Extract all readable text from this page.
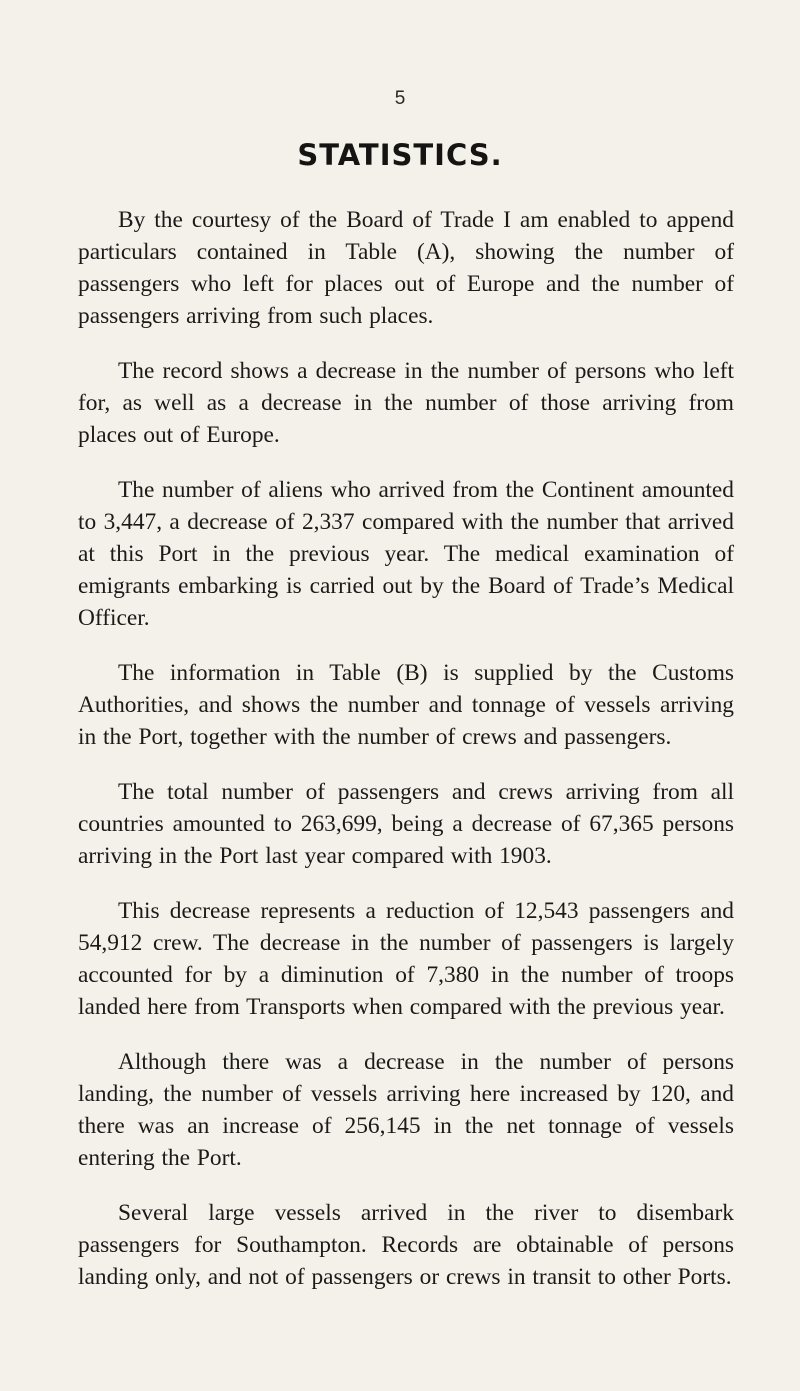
5
STATISTICS.

By the courtesy of the Board of Trade I am enabled to append particulars contained in Table (A), showing the number of passengers who left for places out of Europe and the number of passengers arriving from such places.

The record shows a decrease in the number of persons who left for, as well as a decrease in the number of those arriving from places out of Europe.

The number of aliens who arrived from the Continent amounted to 3,447, a decrease of 2,337 compared with the number that arrived at this Port in the previous year. The medical examination of emigrants embarking is carried out by the Board of Trade’s Medical Officer.

The information in Table (B) is supplied by the Customs Authorities, and shows the number and tonnage of vessels arriving in the Port, together with the number of crews and passengers.

The total number of passengers and crews arriving from all countries amounted to 263,699, being a decrease of 67,365 persons arriving in the Port last year compared with 1903.

This decrease represents a reduction of 12,543 passengers and 54,912 crew. The decrease in the number of passengers is largely accounted for by a diminution of 7,380 in the number of troops landed here from Transports when compared with the previous year.

Although there was a decrease in the number of persons landing, the number of vessels arriving here increased by 120, and there was an increase of 256,145 in the net tonnage of vessels entering the Port.

Several large vessels arrived in the river to disembark passengers for Southampton. Records are obtainable of persons landing only, and not of passengers or crews in transit to other Ports.
